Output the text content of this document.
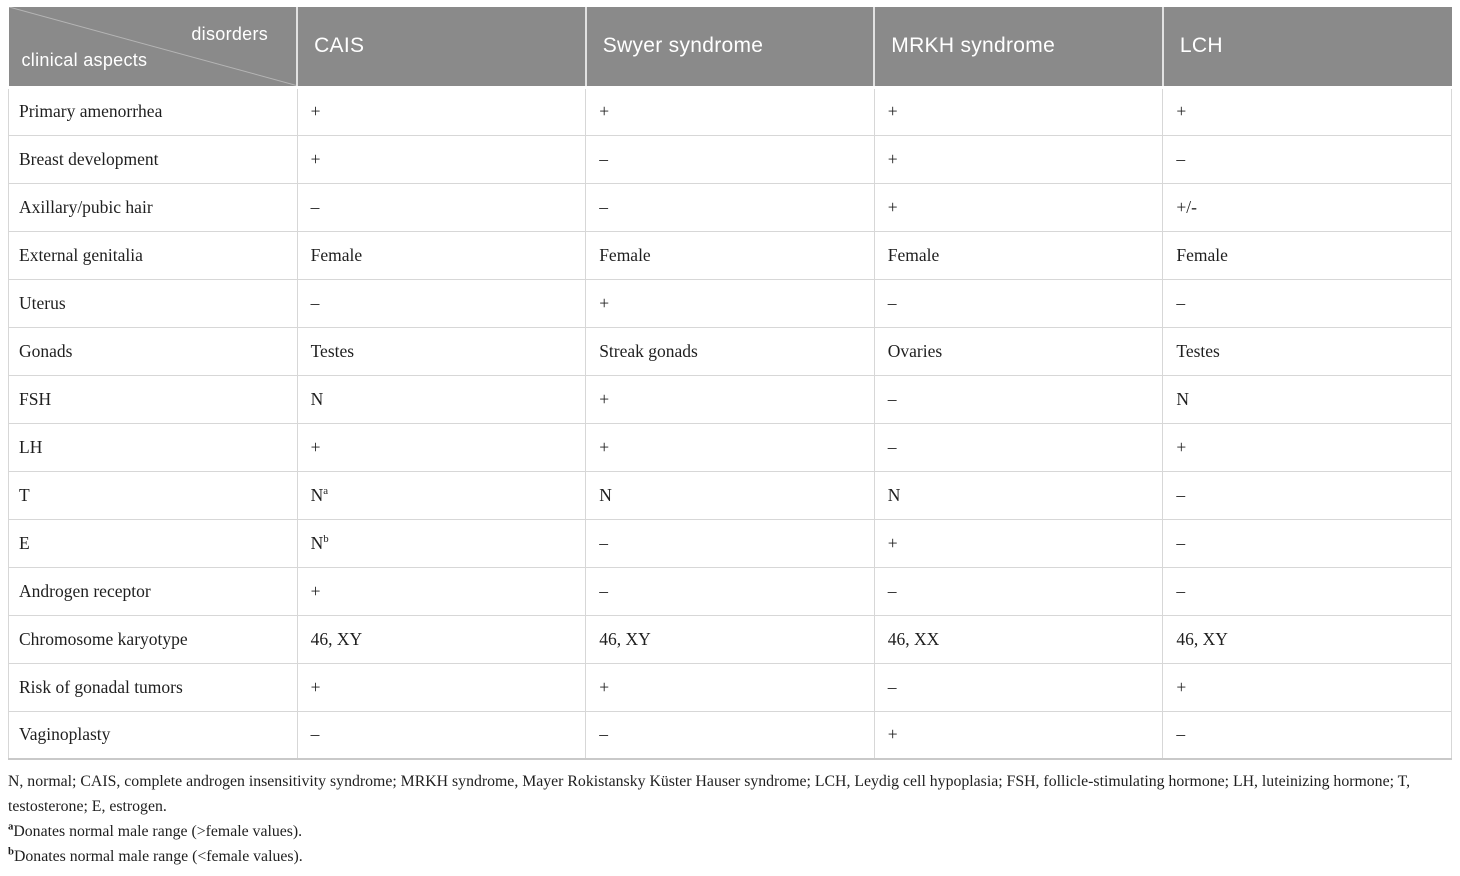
disorders
clinical aspects	CAIS	Swyer syndrome	MRKH syndrome	LCH
Primary amenorrhea	+	+	+	+
Breast development	+	–	+	–
Axillary/pubic hair	–	–	+	+/-
External genitalia	Female	Female	Female	Female
Uterus	–	+	–	–
Gonads	Testes	Streak gonads	Ovaries	Testes
FSH	N	+	–	N
LH	+	+	–	+
T	$N^a$	N	N	–
E	$N^b$	–	+	–
Androgen receptor	+	–	–	–
Chromosome karyotype	46, XY	46, XY	46, XX	46, XY
Risk of gonadal tumors	+	+	–	+
Vaginoplasty	–	–	+	–

N, normal; CAIS, complete androgen insensitivity syndrome; MRKH syndrome, Mayer Rokistansky Küster Hauser syndrome; LCH, Leydig cell hypoplasia; FSH, follicle-stimulating hormone; LH, luteinizing hormone; T, testosterone; E, estrogen.

$^a$Donates normal male range (>female values).

$^b$Donates normal male range (<female values).
